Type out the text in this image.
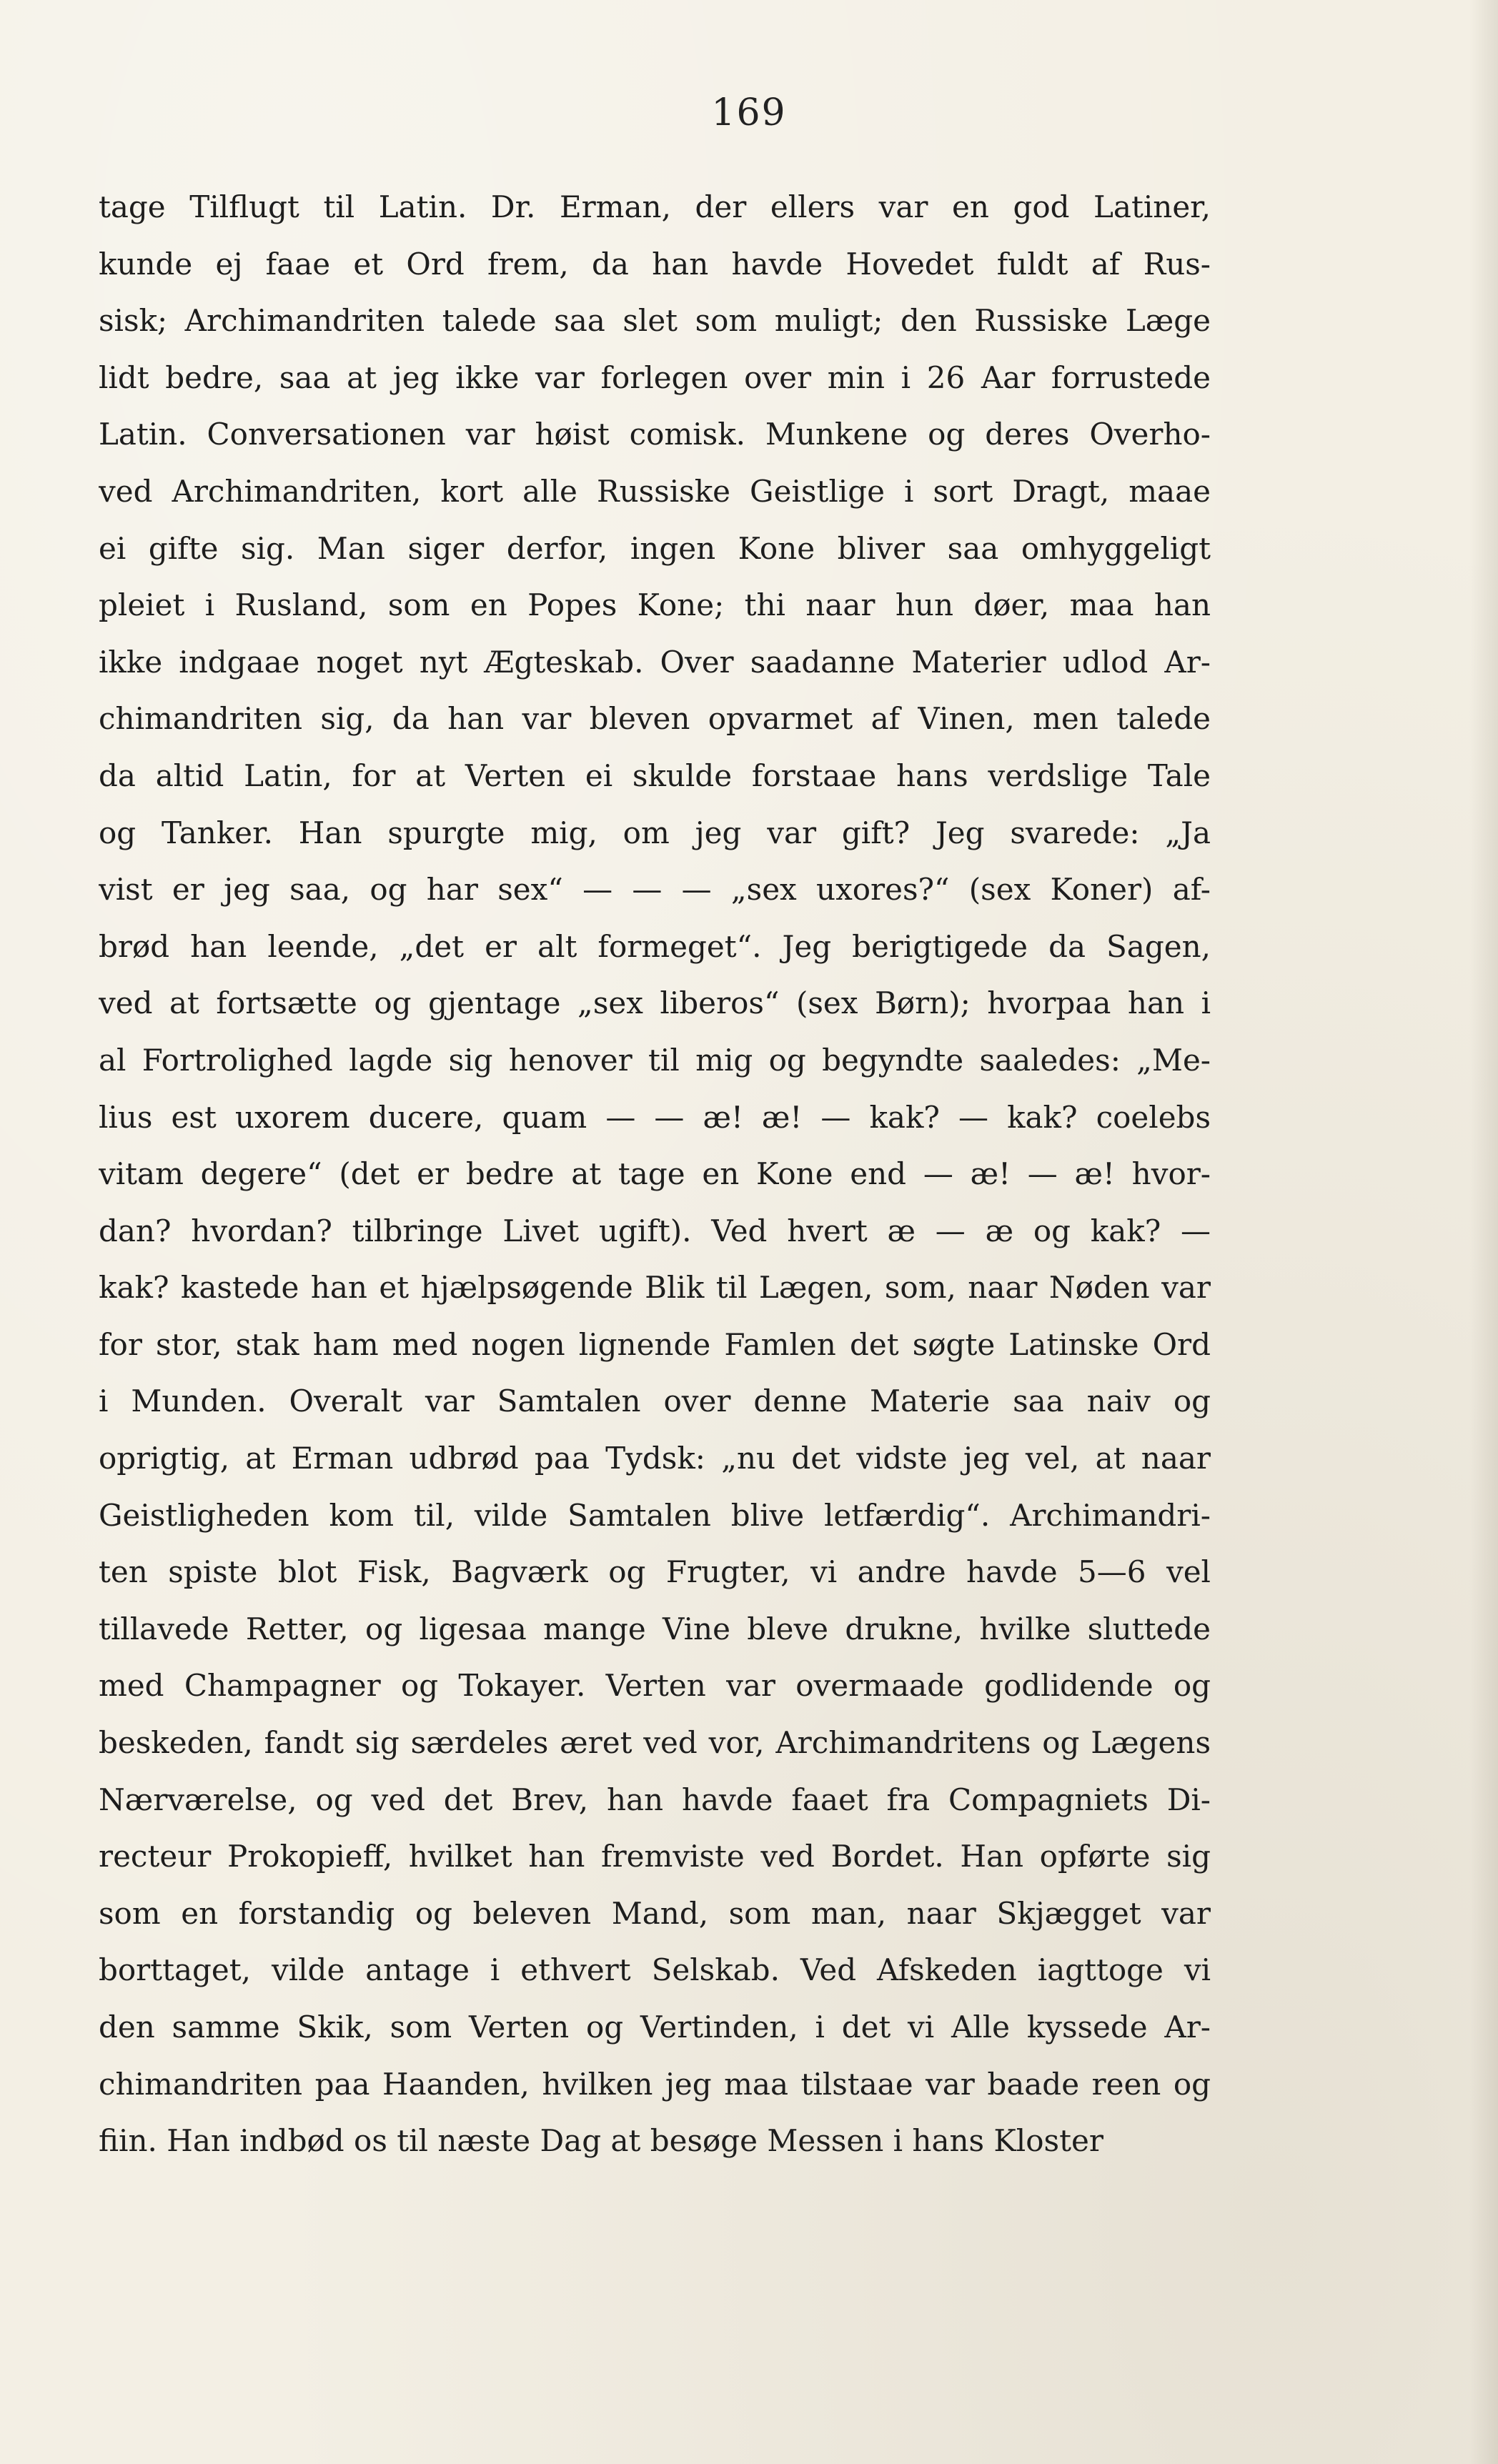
169
tage Tilflugt til Latin. Dr. Erman, der ellers var en god Latiner,
kunde ej faae et Ord frem, da han havde Hovedet fuldt af Rus-
sisk; Archimandriten talede saa slet som muligt; den Russiske Læge
lidt bedre, saa at jeg ikke var forlegen over min i 26 Aar forrustede
Latin. Conversationen var høist comisk. Munkene og deres Overho-
ved Archimandriten, kort alle Russiske Geistlige i sort Dragt, maae
ei gifte sig. Man siger derfor, ingen Kone bliver saa omhyggeligt
pleiet i Rusland, som en Popes Kone; thi naar hun døer, maa han
ikke indgaae noget nyt Ægteskab. Over saadanne Materier udlod Ar-
chimandriten sig, da han var bleven opvarmet af Vinen, men talede
da altid Latin, for at Verten ei skulde forstaae hans verdslige Tale
og Tanker. Han spurgte mig, om jeg var gift? Jeg svarede: „Ja
vist er jeg saa, og har sex“ — — — „sex uxores?“ (sex Koner) af-
brød han leende, „det er alt formeget“. Jeg berigtigede da Sagen,
ved at fortsætte og gjentage „sex liberos“ (sex Børn); hvorpaa han i
al Fortrolighed lagde sig henover til mig og begyndte saaledes: „Me-
lius est uxorem ducere, quam — — æ! æ! — kak? — kak? coelebs
vitam degere“ (det er bedre at tage en Kone end — æ! — æ! hvor-
dan? hvordan? tilbringe Livet ugift). Ved hvert æ — æ og kak? —
kak? kastede han et hjælpsøgende Blik til Lægen, som, naar Nøden var
for stor, stak ham med nogen lignende Famlen det søgte Latinske Ord
i Munden. Overalt var Samtalen over denne Materie saa naiv og
oprigtig, at Erman udbrød paa Tydsk: „nu det vidste jeg vel, at naar
Geistligheden kom til, vilde Samtalen blive letfærdig“. Archimandri-
ten spiste blot Fisk, Bagværk og Frugter, vi andre havde 5—6 vel
tillavede Retter, og ligesaa mange Vine bleve drukne, hvilke sluttede
med Champagner og Tokayer. Verten var overmaade godlidende og
beskeden, fandt sig særdeles æret ved vor, Archimandritens og Lægens
Nærværelse, og ved det Brev, han havde faaet fra Compagniets Di-
recteur Prokopieff, hvilket han fremviste ved Bordet. Han opførte sig
som en forstandig og beleven Mand, som man, naar Skjægget var
borttaget, vilde antage i ethvert Selskab. Ved Afskeden iagttoge vi
den samme Skik, som Verten og Vertinden, i det vi Alle kyssede Ar-
chimandriten paa Haanden, hvilken jeg maa tilstaae var baade reen og
fiin. Han indbød os til næste Dag at besøge Messen i hans Kloster
